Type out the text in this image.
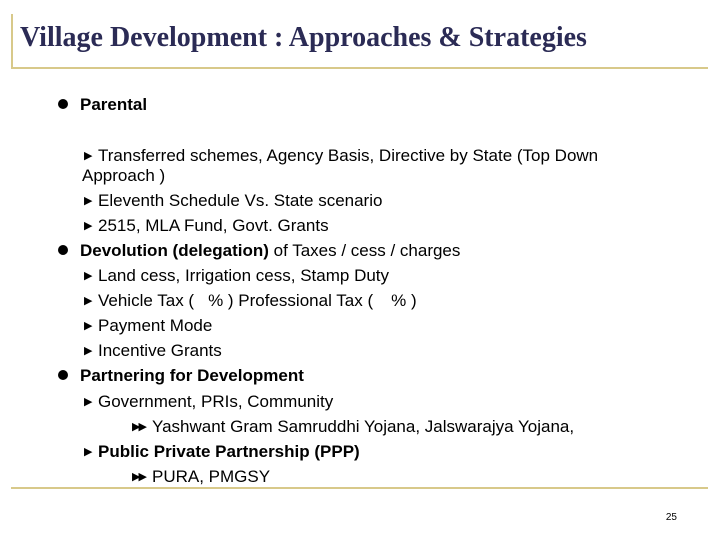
Village Development : Approaches & Strategies
Parental
▶ Transferred schemes, Agency Basis, Directive by State (Top Down
Approach )
▶ Eleventh Schedule Vs. State scenario
▶ 2515, MLA Fund, Govt. Grants
Devolution (delegation) of Taxes / cess / charges
▶ Land cess, Irrigation cess, Stamp Duty
▶ Vehicle Tax ( % ) Professional Tax ( % )
▶ Payment Mode
▶ Incentive Grants
Partnering for Development
▶ Government, PRIs, Community
▶▶ Yashwant Gram Samruddhi Yojana, Jalswarajya Yojana,
▶ Public Private Partnership (PPP)
▶▶ PURA, PMGSY
25
